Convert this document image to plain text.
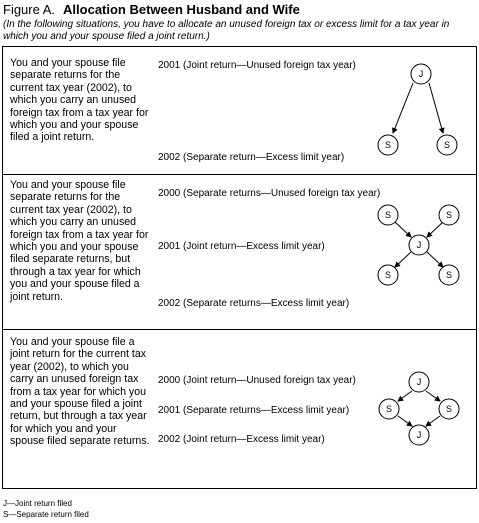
Figure A. Allocation Between Husband and Wife
(In the following situations, you have to allocate an unused foreign tax or excess limit for a tax year in which you and your spouse filed a joint return.)
You and your spouse file separate returns for the current tax year (2002), to which you carry an unused foreign tax from a tax year for which you and your spouse filed a joint return.
2001 (Joint return—Unused foreign tax year)
2002 (Separate return—Excess limit year)
J
S	S
You and your spouse file separate returns for the current tax year (2002), to which you carry an unused foreign tax from a tax year for which you and your spouse filed separate returns, but through a tax year for which you and your spouse filed a joint return.
2000 (Separate returns—Unused foreign tax year)
2001 (Joint return—Excess limit year)
2002 (Separate returns—Excess limit year)
S	S
J
S	S
You and your spouse file a joint return for the current tax year (2002), to which you carry an unused foreign tax from a tax year for which you and your spouse filed a joint return, but through a tax year for which you and your spouse filed separate returns.
2000 (Joint return—Unused foreign tax year)
2001 (Separate returns—Excess limit year)
2002 (Joint return—Excess limit year)
J
S	S
J
J—Joint return filed
S—Separate return filed
